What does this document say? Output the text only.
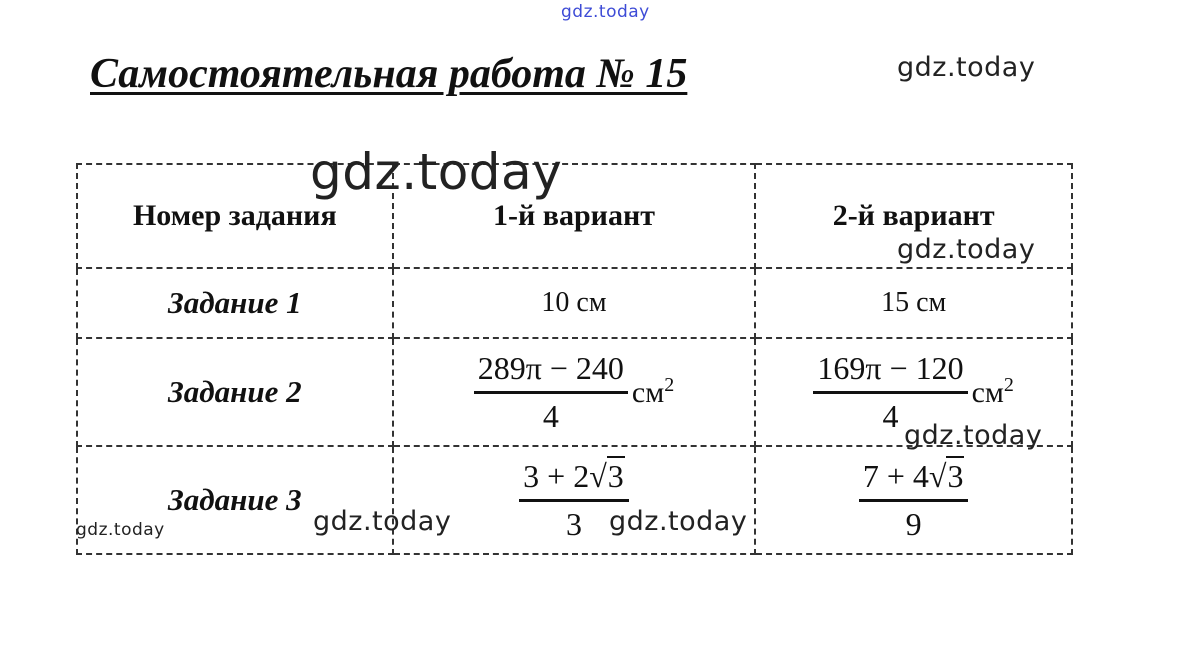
gdz.today
Самостоятельная работа № 15	gdz.today
Номер задания	1-й вариант	2-й вариант
Задание 1	10 см	15 см
Задание 2	$\frac{289\pi - 240}{4} см^2$	$\frac{169\pi - 120}{4} см^2$
Задание 3	$\frac{3 + 2√3}{3}$	$\frac{7 + 4√3}{9}$
gdz.today
gdz.today
gdz.today
gdz.today	gdz.today	gdz.today
